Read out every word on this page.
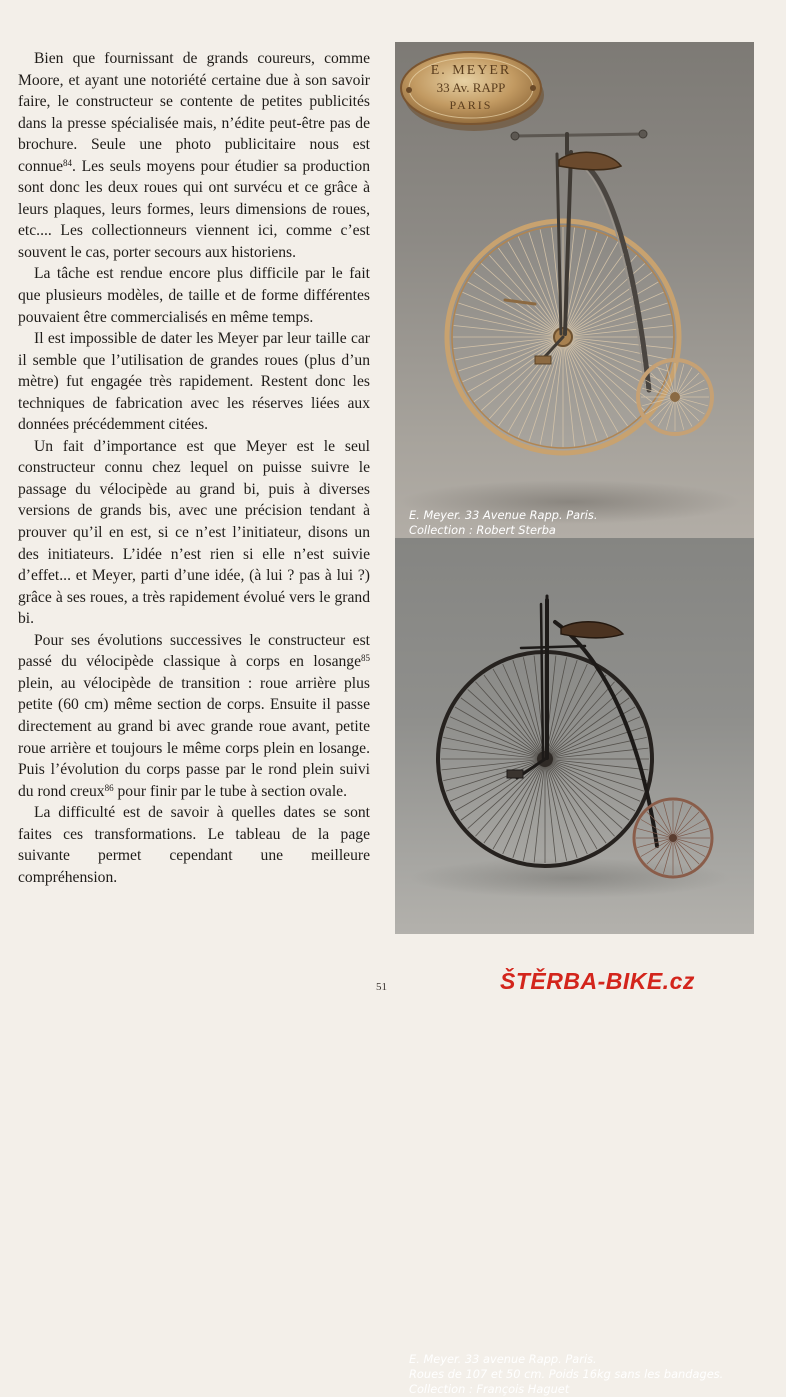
Bien que fournissant de grands coureurs, comme Moore, et ayant une notoriété certaine due à son savoir faire, le constructeur se contente de petites publicités dans la presse spécialisée mais, n’édite peut-être pas de brochure. Seule une photo publicitaire nous est connue$^{84}$. Les seuls moyens pour étudier sa production sont donc les deux roues qui ont survécu et ce grâce à leurs plaques, leurs formes, leurs dimensions de roues, etc.... Les collectionneurs viennent ici, comme c’est souvent le cas, porter secours aux historiens.

La tâche est rendue encore plus difficile par le fait que plusieurs modèles, de taille et de forme différentes pouvaient être commercialisés en même temps.

Il est impossible de dater les Meyer par leur taille car il semble que l’utilisation de grandes roues (plus d’un mètre) fut engagée très rapidement. Restent donc les techniques de fabrication avec les réserves liées aux données précédemment citées.

Un fait d’importance est que Meyer est le seul constructeur connu chez lequel on puisse suivre le passage du vélocipède au grand bi, puis à diverses versions de grands bis, avec une précision tendant à prouver qu’il en est, si ce n’est l’initiateur, disons un des initiateurs. L’idée n’est rien si elle n’est suivie d’effet... et Meyer, parti d’une idée, (à lui ? pas à lui ?) grâce à ses roues, a très rapidement évolué vers le grand bi.

Pour ses évolutions successives le constructeur est passé du vélocipède classique à corps en losange$^{85}$ plein, au vélocipède de transition : roue arrière plus petite (60 cm) même section de corps. Ensuite il passe directement au grand bi avec grande roue avant, petite roue arrière et toujours le même corps plein en losange. Puis l’évolution du corps passe par le rond plein suivi du rond creux$^{86}$ pour finir par le tube à section ovale.

La difficulté est de savoir à quelles dates se sont faites ces transformations. Le tableau de la page suivante permet cependant une meilleure compréhension.

E. MEYER
33 Av. RAPP
PARIS
E. Meyer. 33 Avenue Rapp. Paris.
Collection : Robert Sterba
E. Meyer. 33 avenue Rapp. Paris.
Roues de 107 et 50 cm. Poids 16kg sans les bandages.
Collection : François Haguet
51	ŠTĚRBA-BIKE.cz
